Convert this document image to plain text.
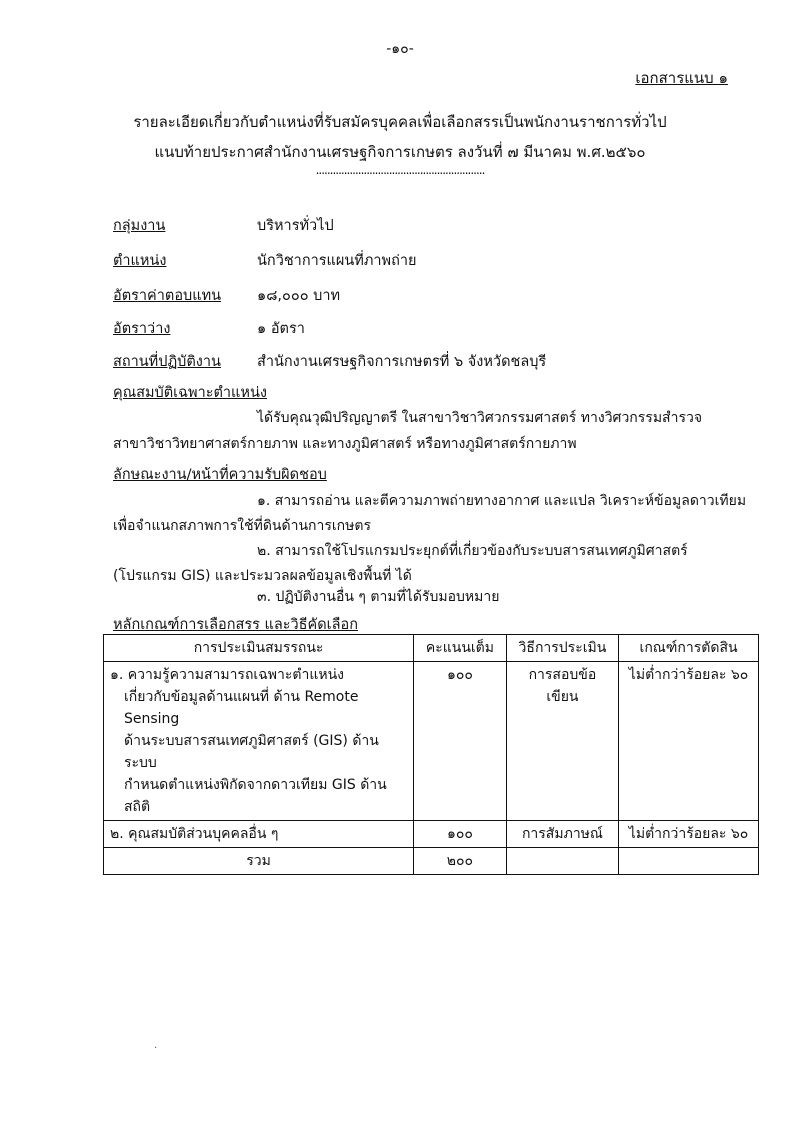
-๑๐-
เอกสารแนบ ๑
รายละเอียดเกี่ยวกับตำแหน่งที่รับสมัครบุคคลเพื่อเลือกสรรเป็นพนักงานราชการทั่วไป
แนบท้ายประกาศสำนักงานเศรษฐกิจการเกษตร ลงวันที่ ๗ มีนาคม พ.ศ.๒๕๖๐
............................................................
กลุ่มงาน	บริหารทั่วไป
ตำแหน่ง	นักวิชาการแผนที่ภาพถ่าย
อัตราค่าตอบแทน ๑๘,๐๐๐ บาท
อัตราว่าง	๑ อัตรา
สถานที่ปฏิบัติงาน สำนักงานเศรษฐกิจการเกษตรที่ ๖ จังหวัดชลบุรี
คุณสมบัติเฉพาะตำแหน่ง
ได้รับคุณวุฒิปริญญาตรี ในสาขาวิชาวิศวกรรมศาสตร์ ทางวิศวกรรมสำรวจ
สาขาวิชาวิทยาศาสตร์กายภาพ และทางภูมิศาสตร์ หรือทางภูมิศาสตร์กายภาพ
ลักษณะงาน/หน้าที่ความรับผิดชอบ
๑. สามารถอ่าน และตีความภาพถ่ายทางอากาศ และแปล วิเคราะห์ข้อมูลดาวเทียม
เพื่อจำแนกสภาพการใช้ที่ดินด้านการเกษตร
๒. สามารถใช้โปรแกรมประยุกต์ที่เกี่ยวข้องกับระบบสารสนเทศภูมิศาสตร์
(โปรแกรม GIS) และประมวลผลข้อมูลเชิงพื้นที่ ได้
๓. ปฏิบัติงานอื่น ๆ ตามที่ได้รับมอบหมาย
หลักเกณฑ์การเลือกสรร และวิธีคัดเลือก
การประเมินสมรรถนะ	คะแนนเต็ม	วิธีการประเมิน	เกณฑ์การตัดสิน
๑. ความรู้ความสามารถเฉพาะตำแหน่ง
เกี่ยวกับข้อมูลด้านแผนที่ ด้าน Remote Sensing
ด้านระบบสารสนเทศภูมิศาสตร์ (GIS) ด้านระบบ
กำหนดตำแหน่งพิกัดจากดาวเทียม GIS ด้านสถิติ	๑๐๐	การสอบข้อเขียน	ไม่ต่ำกว่าร้อยละ ๖๐
๒. คุณสมบัติส่วนบุคคลอื่น ๆ	๑๐๐	การสัมภาษณ์	ไม่ต่ำกว่าร้อยละ ๖๐
รวม	๒๐๐		
.
